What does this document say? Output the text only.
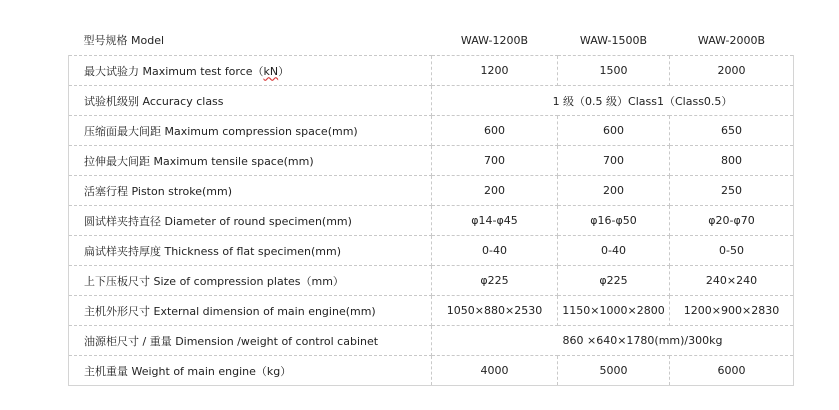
型号规格 Model	WAW-1200B	WAW-1500B	WAW-2000B
最大试验力 Maximum test force（kN）	1200	1500	2000
试验机级别 Accuracy class	1 级（0.5 级）Class1（Class0.5）		
压缩面最大间距 Maximum compression space(mm)	600	600	650
拉伸最大间距 Maximum tensile space(mm)	700	700	800
活塞行程 Piston stroke(mm)	200	200	250
圆试样夹持直径 Diameter of round specimen(mm)	φ14-φ45	φ16-φ50	φ20-φ70
扁试样夹持厚度 Thickness of flat specimen(mm)	0-40	0-40	0-50
上下压板尺寸 Size of compression plates（mm）	φ225	φ225	240×240
主机外形尺寸 External dimension of main engine(mm)	1050×880×2530	1150×1000×2800	1200×900×2830
油源柜尺寸 / 重量 Dimension /weight of control cabinet	860 ×640×1780(mm)/300kg		
主机重量 Weight of main engine（kg）	4000	5000	6000
